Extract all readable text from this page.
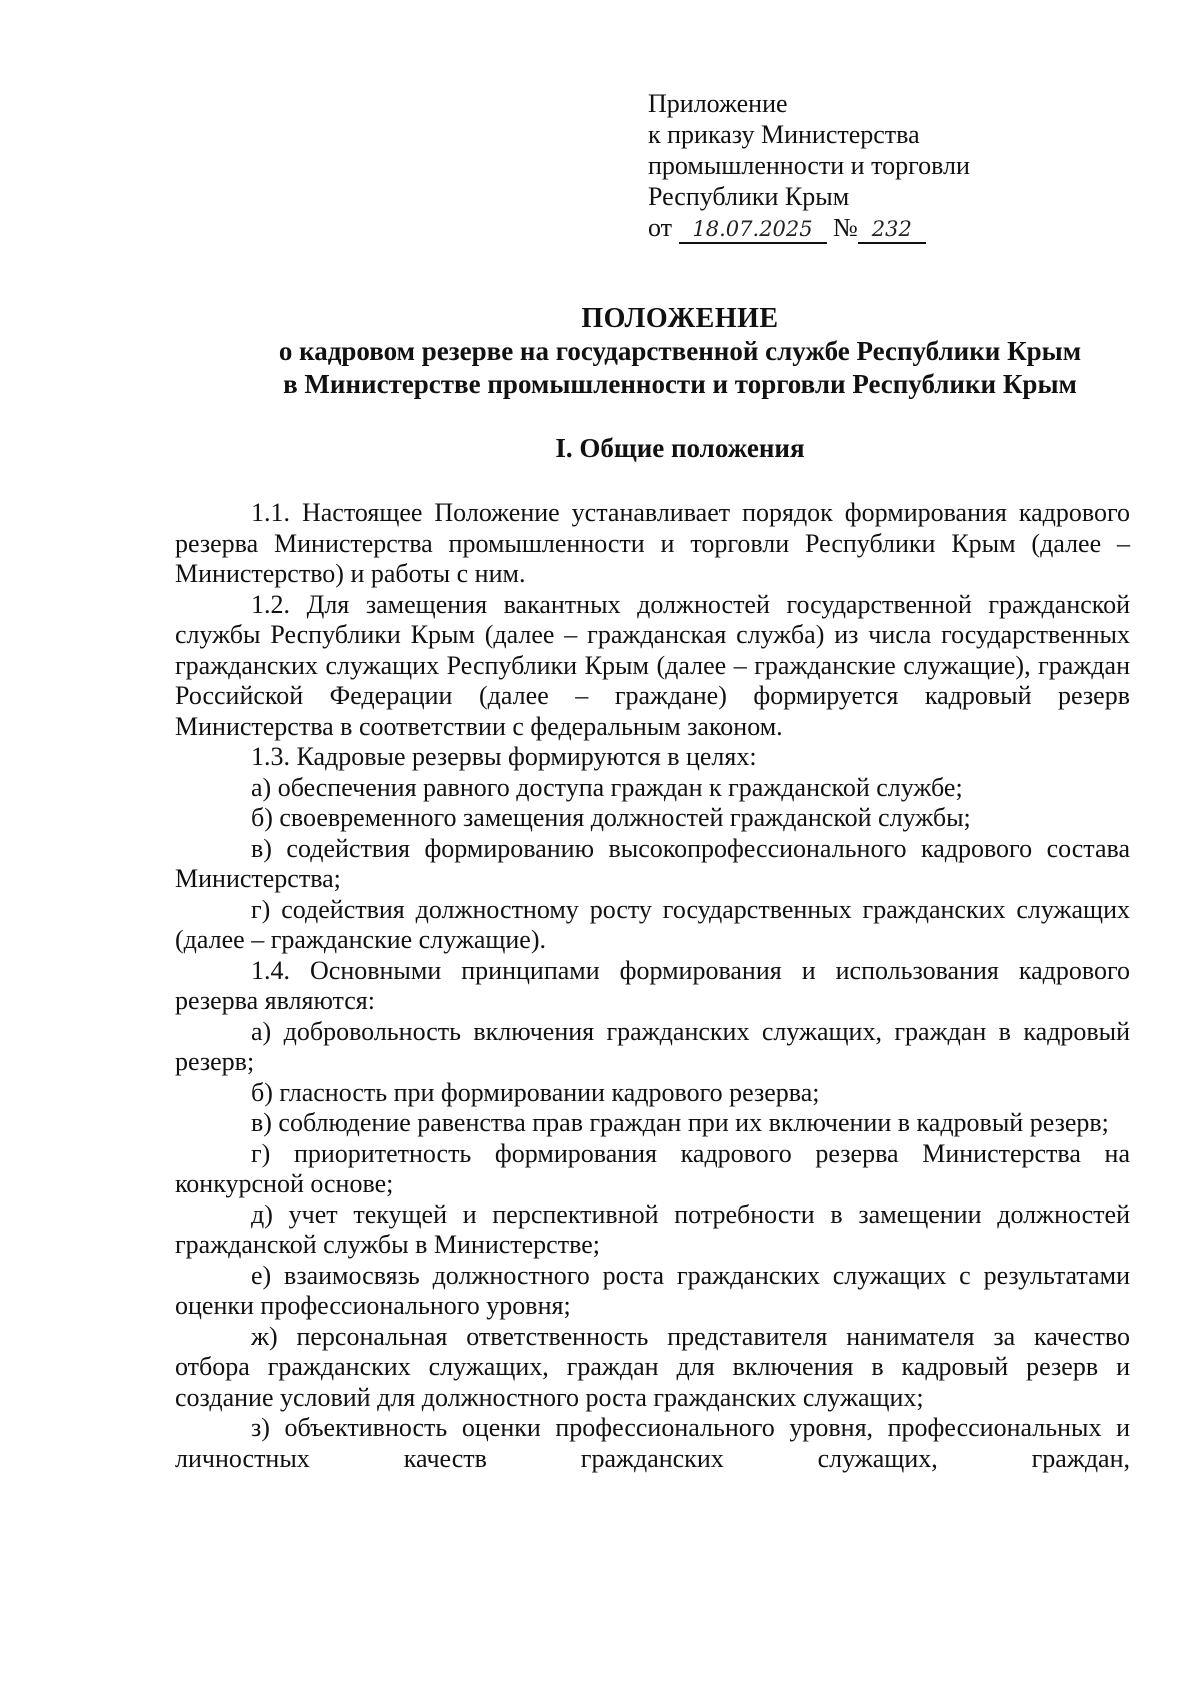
Приложение
к приказу Министерства
промышленности и торговли
Республики Крым
от 18.07.2025 № 232
ПОЛОЖЕНИЕ
о кадровом резерве на государственной службе Республики Крым
в Министерстве промышленности и торговли Республики Крым
I. Общие положения

1.1. Настоящее Положение устанавливает порядок формирования кадрового резерва Министерства промышленности и торговли Республики Крым (далее – Министерство) и работы с ним.

1.2. Для замещения вакантных должностей государственной гражданской службы Республики Крым (далее – гражданская служба) из числа государственных гражданских служащих Республики Крым (далее – гражданские служащие), граждан Российской Федерации (далее – граждане) формируется кадровый резерв Министерства в соответствии с федеральным законом.

1.3. Кадровые резервы формируются в целях:

а) обеспечения равного доступа граждан к гражданской службе;

б) своевременного замещения должностей гражданской службы;

в) содействия формированию высокопрофессионального кадрового состава Министерства;

г) содействия должностному росту государственных гражданских служащих (далее – гражданские служащие).

1.4. Основными принципами формирования и использования кадрового резерва являются:

а) добровольность включения гражданских служащих, граждан в кадровый резерв;

б) гласность при формировании кадрового резерва;

в) соблюдение равенства прав граждан при их включении в кадровый резерв;

г) приоритетность формирования кадрового резерва Министерства на конкурсной основе;

д) учет текущей и перспективной потребности в замещении должностей гражданской службы в Министерстве;

е) взаимосвязь должностного роста гражданских служащих с результатами оценки профессионального уровня;

ж) персональная ответственность представителя нанимателя за качество отбора гражданских служащих, граждан для включения в кадровый резерв и создание условий для должностного роста гражданских служащих;

з) объективность оценки профессионального уровня, профессиональных и личностных качеств гражданских служащих, граждан,
